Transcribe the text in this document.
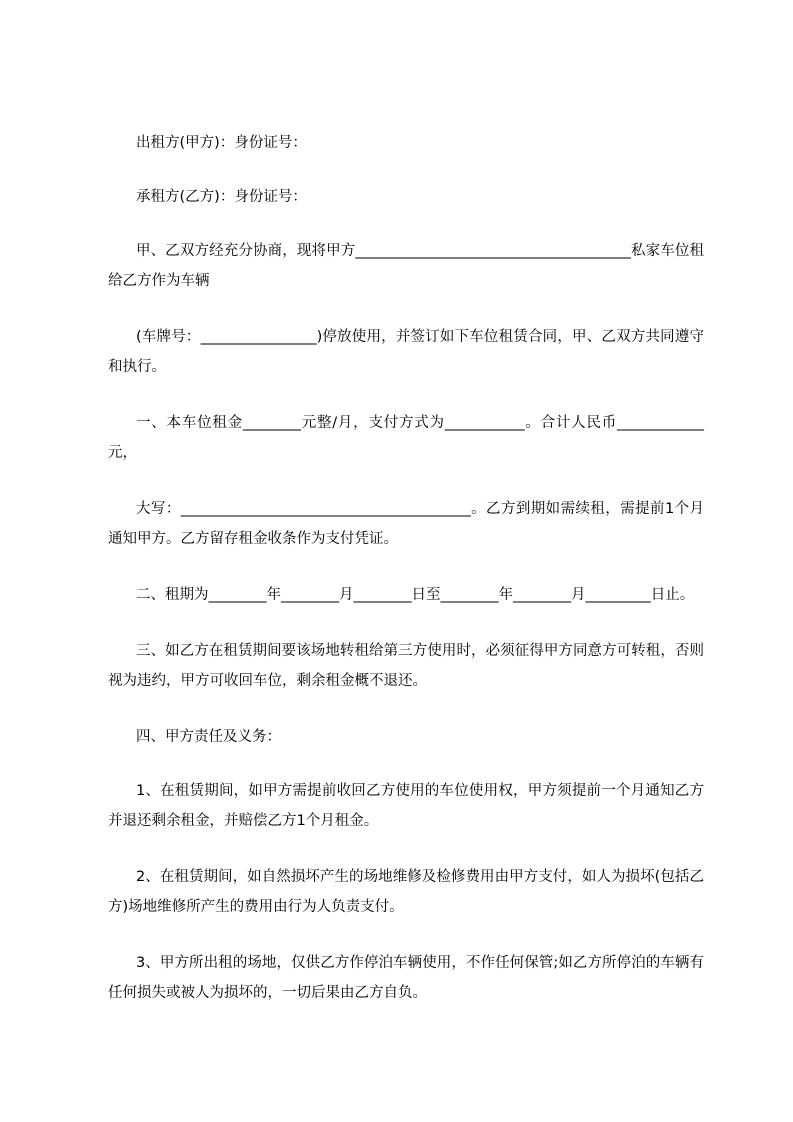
出租方(甲方)：身份证号：

承租方(乙方)：身份证号：

甲、乙双方经充分协商，现将甲方______________________________________私家车位租给乙方作为车辆

(车牌号：________________)停放使用，并签订如下车位租赁合同，甲、乙双方共同遵守和执行。

一、本车位租金________元整/月，支付方式为___________。合计人民币____________元，

大写：________________________________________。乙方到期如需续租，需提前1个月通知甲方。乙方留存租金收条作为支付凭证。

二、租期为________年________月________日至________年________月_________日止。

三、如乙方在租赁期间要该场地转租给第三方使用时，必须征得甲方同意方可转租，否则视为违约，甲方可收回车位，剩余租金概不退还。

四、甲方责任及义务：

1、在租赁期间，如甲方需提前收回乙方使用的车位使用权，甲方须提前一个月通知乙方并退还剩余租金，并赔偿乙方1个月租金。

2、在租赁期间，如自然损坏产生的场地维修及检修费用由甲方支付，如人为损坏(包括乙方)场地维修所产生的费用由行为人负责支付。

3、甲方所出租的场地，仅供乙方作停泊车辆使用，不作任何保管;如乙方所停泊的车辆有任何损失或被人为损坏的，一切后果由乙方自负。
